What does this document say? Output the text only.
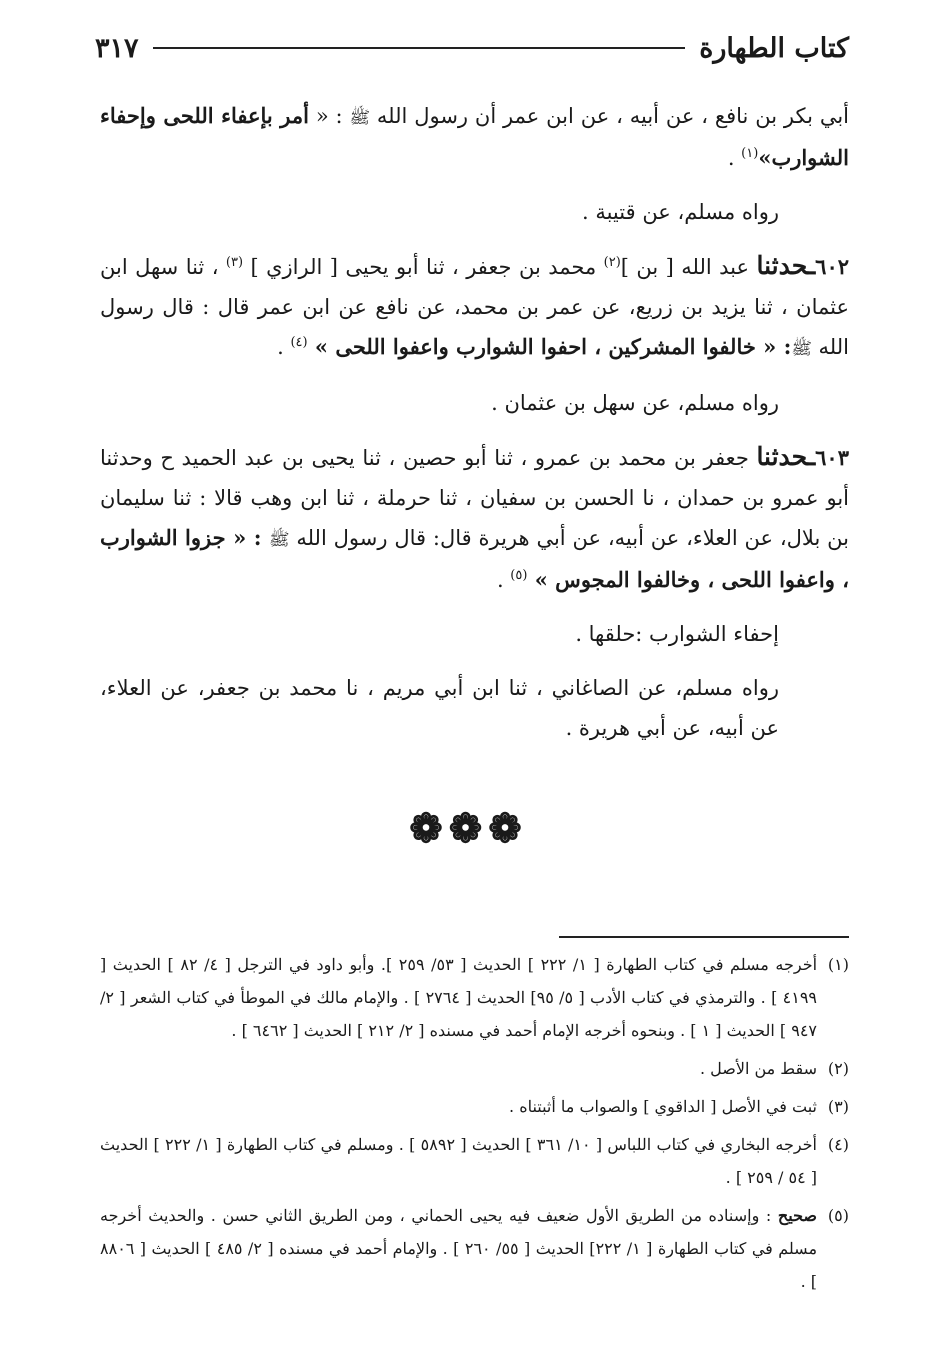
كتاب الطهارة
٣١٧

أبي بكر بن نافع ، عن أبيه ، عن ابن عمر أن رسول الله ﷺ : « أمر بإعفاء اللحى وإحفاء الشوارب»$^{(١)}$ .

رواه مسلم، عن قتيبة .

٦٠٢ـحدثنا عبد الله [ بن ]$^{(٢)}$ محمد بن جعفر ، ثنا أبو يحيى [ الرازي ] $^{(٣)}$ ، ثنا سهل ابن عثمان ، ثنا يزيد بن زريع، عن عمر بن محمد، عن نافع عن ابن عمر قال : قال رسول الله ﷺ: « خالفوا المشركين ، احفوا الشوارب واعفوا اللحى » $^{(٤)}$ .

رواه مسلم، عن سهل بن عثمان .

٦٠٣ـحدثنا جعفر بن محمد بن عمرو ، ثنا أبو حصين ، ثنا يحيى بن عبد الحميد ح وحدثنا أبو عمرو بن حمدان ، نا الحسن بن سفيان ، ثنا حرملة ، ثنا ابن وهب قالا : ثنا سليمان بن بلال، عن العلاء، عن أبيه، عن أبي هريرة قال: قال رسول الله ﷺ : « جزوا الشوارب ، واعفوا اللحى ، وخالفوا المجوس » $^{(٥)}$ .

إحفاء الشوارب :حلقها .

رواه مسلم، عن الصاغاني ، ثنا ابن أبي مريم ، نا محمد بن جعفر، عن العلاء، عن أبيه، عن أبي هريرة .

❁❁❁

(١)
أخرجه مسلم في كتاب الطهارة [ ١/ ٢٢٢ ] الحديث [ ٥٣/ ٢٥٩ ]. وأبو داود في الترجل [ ٤/ ٨٢ ] الحديث [ ٤١٩٩ ] . والترمذي في كتاب الأدب [ ٥/ ٩٥] الحديث [ ٢٧٦٤ ] . والإمام مالك في الموطأ في كتاب الشعر [ ٢/ ٩٤٧ ] الحديث [ ١ ] . وبنحوه أخرجه الإمام أحمد في مسنده [ ٢/ ٢١٢ ] الحديث [ ٦٤٦٢ ] .

(٢)
سقط من الأصل .

(٣)
ثبت في الأصل [ الداقوي ] والصواب ما أثبتناه .

(٤)
أخرجه البخاري في كتاب اللباس [ ١٠/ ٣٦١ ] الحديث [ ٥٨٩٢ ] . ومسلم في كتاب الطهارة [ ١/ ٢٢٢ ] الحديث [ ٥٤ / ٢٥٩ ] .

(٥)
صحيح : وإسناده من الطريق الأول ضعيف فيه يحيى الحماني ، ومن الطريق الثاني حسن . والحديث أخرجه مسلم في كتاب الطهارة [ ١/ ٢٢٢] الحديث [ ٥٥/ ٢٦٠ ] . والإمام أحمد في مسنده [ ٢/ ٤٨٥ ] الحديث [ ٨٨٠٦ ] .
